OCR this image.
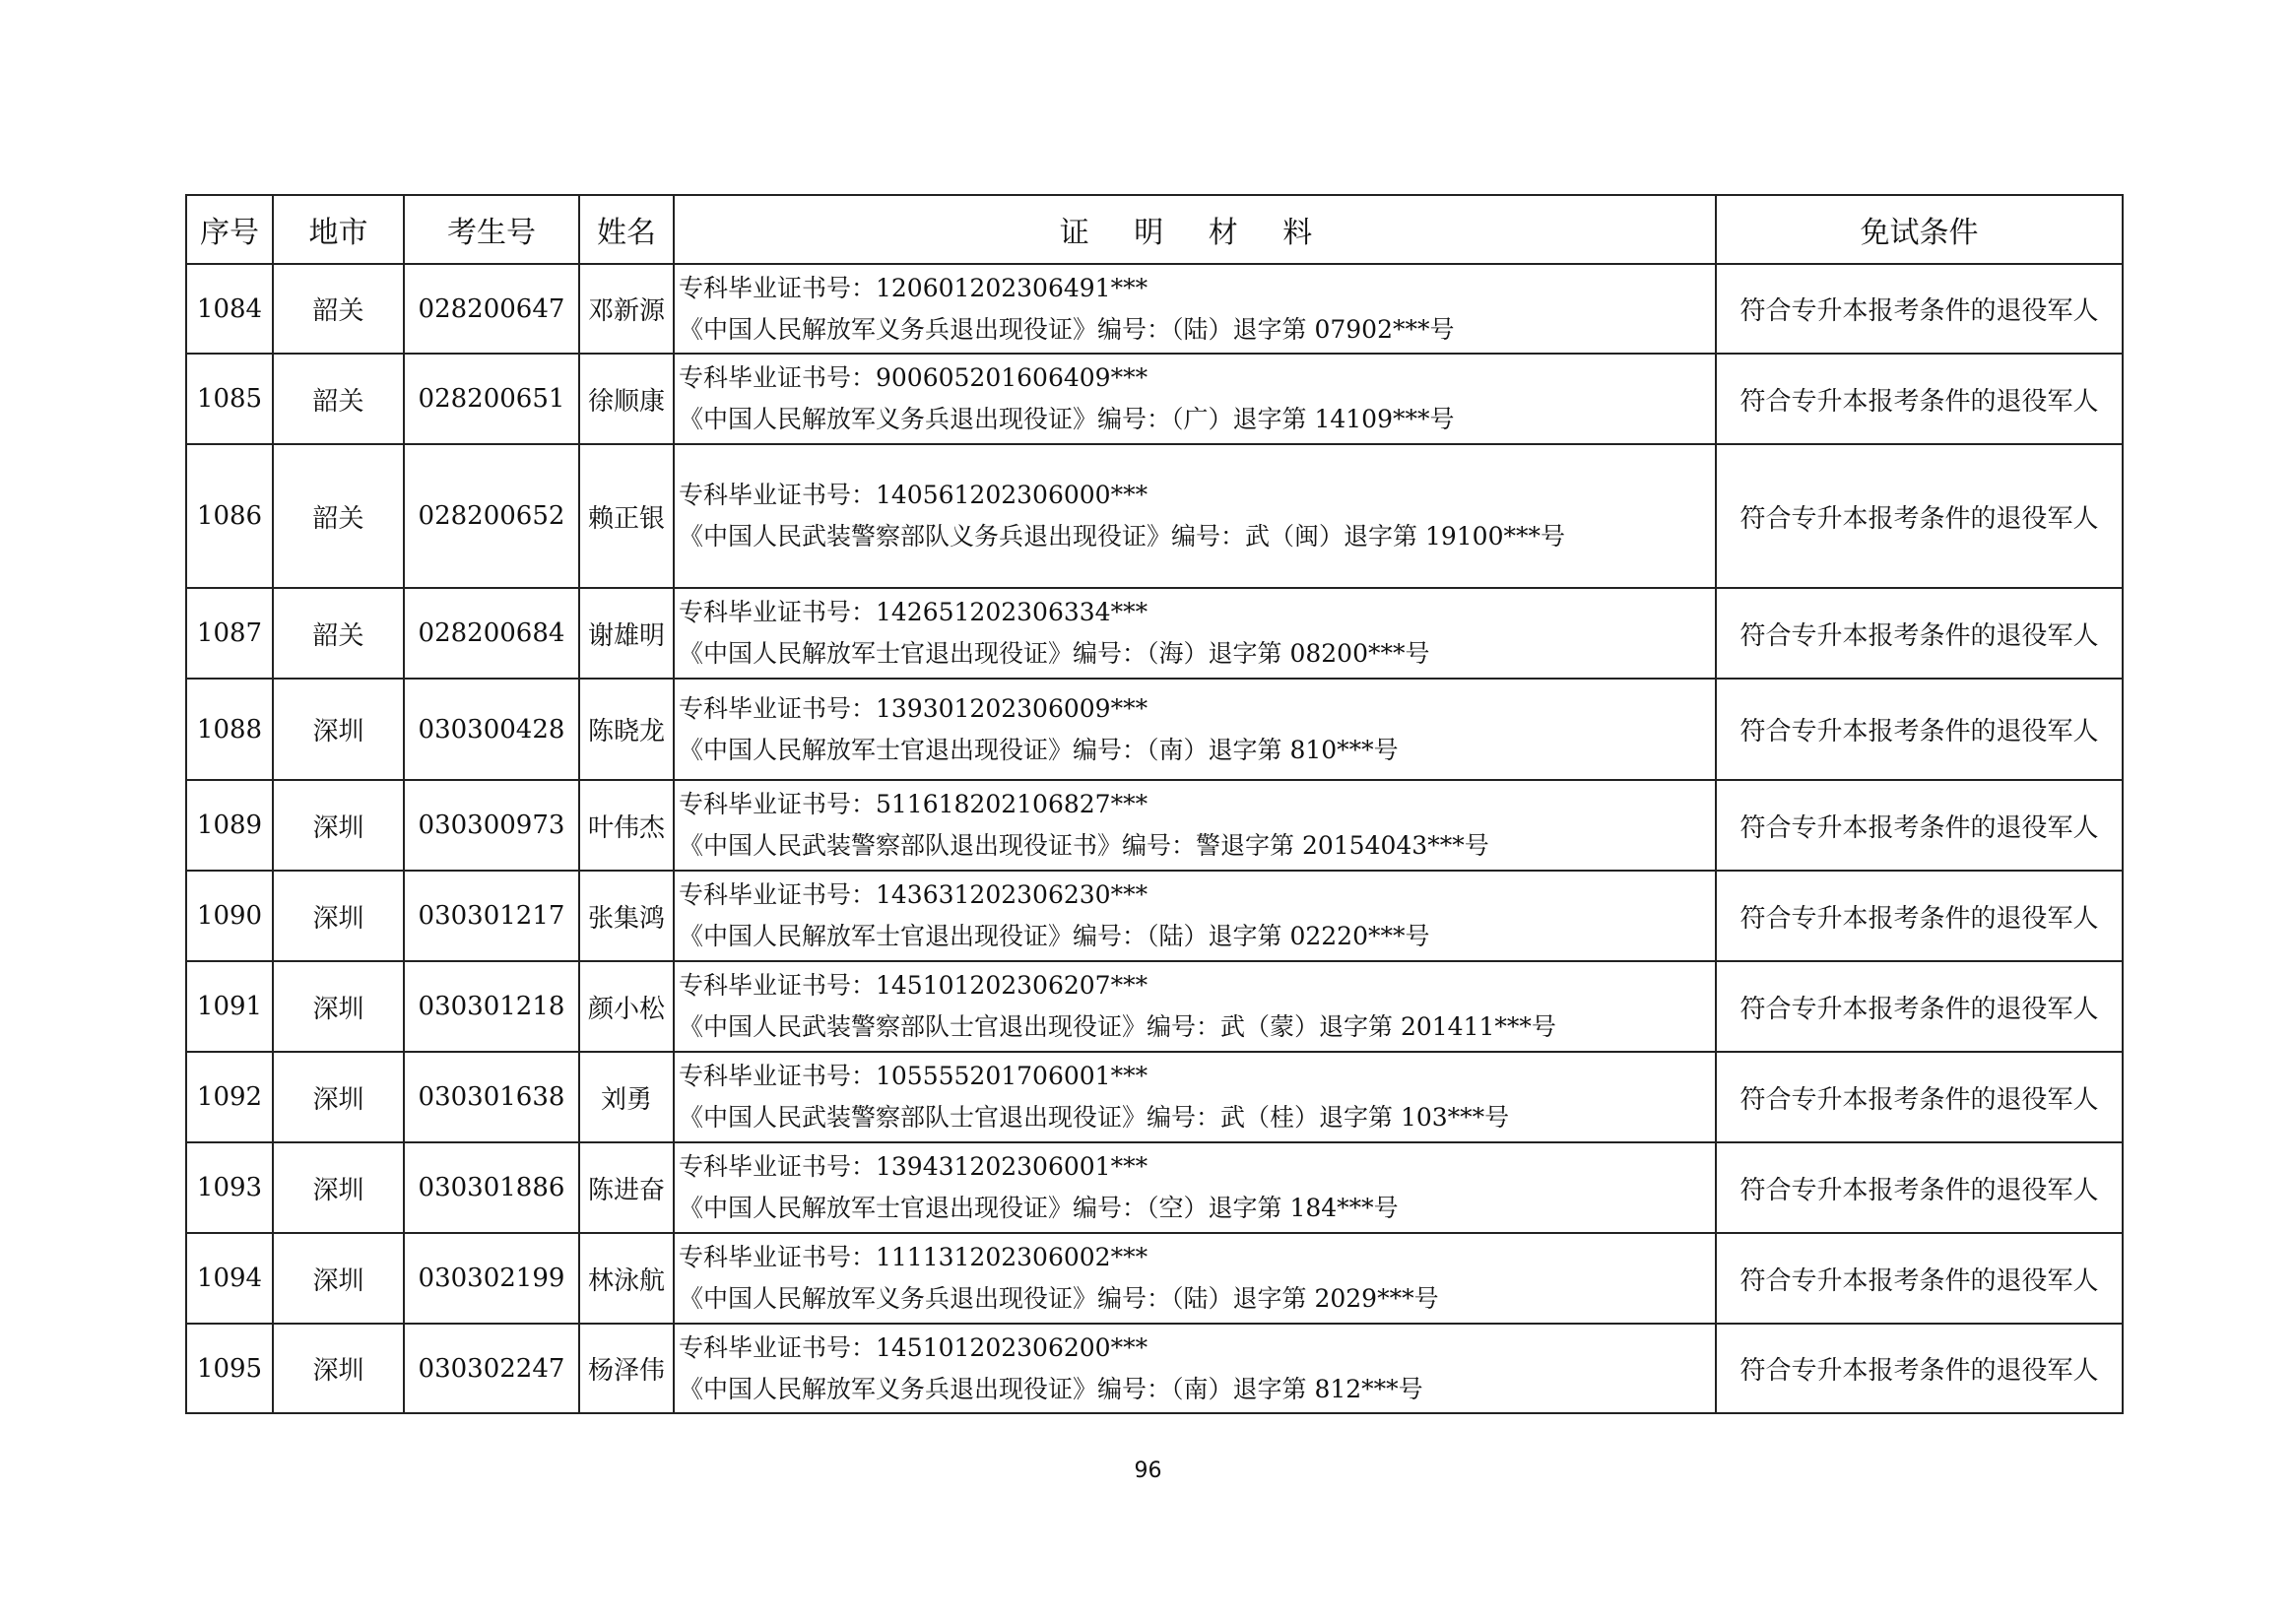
序号	地市	考生号	姓名	证 明 材 料	免试条件
1084	韶关	028200647	邓新源	专科毕业证书号：120601202306491***
《中国人民解放军义务兵退出现役证》编号：（陆）退字第 07902***号	符合专升本报考条件的退役军人
1085	韶关	028200651	徐顺康	专科毕业证书号：900605201606409***
《中国人民解放军义务兵退出现役证》编号：（广）退字第 14109***号	符合专升本报考条件的退役军人
1086	韶关	028200652	赖正银	专科毕业证书号：140561202306000***
《中国人民武装警察部队义务兵退出现役证》编号：武（闽）退字第 19100***号	符合专升本报考条件的退役军人
1087	韶关	028200684	谢雄明	专科毕业证书号：142651202306334***
《中国人民解放军士官退出现役证》编号：（海）退字第 08200***号	符合专升本报考条件的退役军人
1088	深圳	030300428	陈晓龙	专科毕业证书号：139301202306009***
《中国人民解放军士官退出现役证》编号：（南）退字第 810***号	符合专升本报考条件的退役军人
1089	深圳	030300973	叶伟杰	专科毕业证书号：511618202106827***
《中国人民武装警察部队退出现役证书》编号：警退字第 20154043***号	符合专升本报考条件的退役军人
1090	深圳	030301217	张集鸿	专科毕业证书号：143631202306230***
《中国人民解放军士官退出现役证》编号：（陆）退字第 02220***号	符合专升本报考条件的退役军人
1091	深圳	030301218	颜小松	专科毕业证书号：145101202306207***
《中国人民武装警察部队士官退出现役证》编号：武（蒙）退字第 201411***号	符合专升本报考条件的退役军人
1092	深圳	030301638	刘勇	专科毕业证书号：105555201706001***
《中国人民武装警察部队士官退出现役证》编号：武（桂）退字第 103***号	符合专升本报考条件的退役军人
1093	深圳	030301886	陈进奋	专科毕业证书号：139431202306001***
《中国人民解放军士官退出现役证》编号：（空）退字第 184***号	符合专升本报考条件的退役军人
1094	深圳	030302199	林泳航	专科毕业证书号：111131202306002***
《中国人民解放军义务兵退出现役证》编号：（陆）退字第 2029***号	符合专升本报考条件的退役军人
1095	深圳	030302247	杨泽伟	专科毕业证书号：145101202306200***
《中国人民解放军义务兵退出现役证》编号：（南）退字第 812***号	符合专升本报考条件的退役军人
96
